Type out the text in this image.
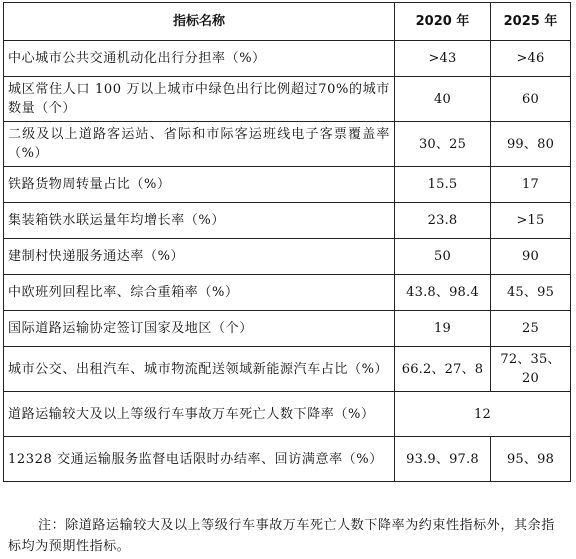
指标名称	2020 年	2025 年
中心城市公共交通机动化出行分担率（%）	>43	>46
城区常住人口 100 万以上城市中绿色出行比例超过70%的城市数量（个）	40	60
二级及以上道路客运站、省际和市际客运班线电子客票覆盖率（%）	30、25	99、80
铁路货物周转量占比（%）	15.5	17
集装箱铁水联运量年均增长率（%）	23.8	>15
建制村快递服务通达率（%）	50	90
中欧班列回程比率、综合重箱率（%）	43.8、98.4	45、95
国际道路运输协定签订国家及地区（个）	19	25
城市公交、出租汽车、城市物流配送领域新能源汽车占比（%）	66.2、27、8	72、35、20
道路运输较大及以上等级行车事故万车死亡人数下降率（%）	12	
12328 交通运输服务监督电话限时办结率、回访满意率（%）	93.9、97.8	95、98

注：除道路运输较大及以上等级行车事故万车死亡人数下降率为约束性指标外，其余指标均为预期性指标。
